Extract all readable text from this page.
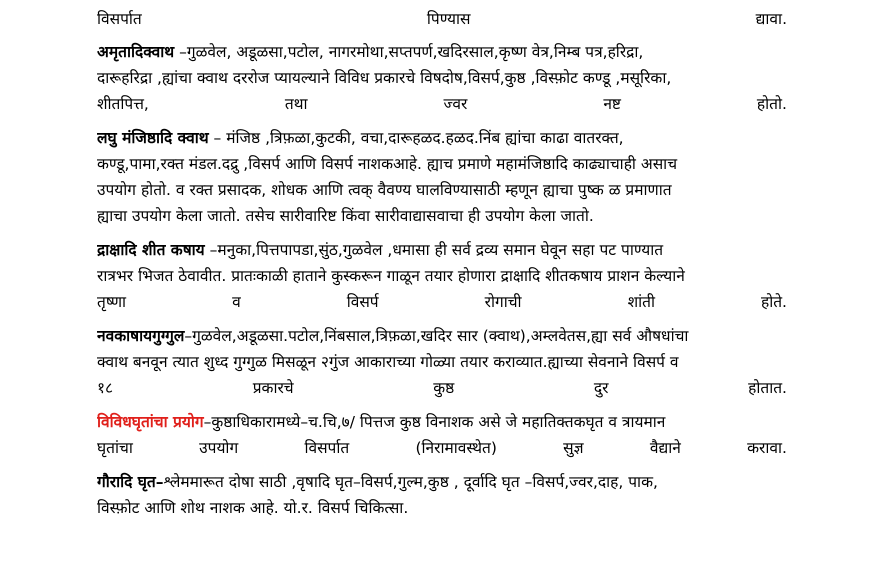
विसर्पात	पिण्यास	द्यावा.
अमृतादिक्वाथ –गुळवेल, अडूळसा,पटोल, नागरमोथा,सप्तपर्ण,खदिरसाल,कृष्ण वेत्र,निम्ब पत्र,हरिद्रा,
दारूहरिद्रा ,ह्यांचा क्वाथ दररोज प्यायल्याने विविध प्रकारचे विषदोष,विसर्प,कुष्ठ ,विस्फ़ोट कण्डू ,मसूरिका,
शीतपित्त,	तथा	ज्वर	नष्ट	होतो.
लघु मंजिष्ठादि क्वाथ – मंजिष्ठ ,त्रिफ़ळा,कुटकी, वचा,दारूहळद.हळद.निंब ह्यांचा काढा वातरक्त,
कण्डू,पामा,रक्त मंडल.दद्रु ,विसर्प आणि विसर्प नाशकआहे. ह्याच प्रमाणे महामंजिष्ठादि काढ्याचाही असाच
उपयोग होतो. व रक्त प्रसादक, शोधक आणि त्वक् वैवण्य घालविण्यासाठी म्हणून ह्याचा पुष्क ळ प्रमाणात
ह्याचा उपयोग केला जातो. तसेच सारीवारिष्ट किंवा सारीवाद्यासवाचा ही उपयोग केला जातो.
द्राक्षादि शीत कषाय –मनुका,पित्तपापडा,सुंठ,गुळवेल ,धमासा ही सर्व द्रव्य समान घेवून सहा पट पाण्यात
रात्रभर भिजत ठेवावीत. प्रातःकाळी हाताने कुस्करून गाळून तयार होणारा द्राक्षादि शीतकषाय प्राशन केल्याने
तृष्णा	व	विसर्प	रोगाची	शांती	होते.
नवकाषायगुग्गुल–गुळवेल,अडूळसा.पटोल,निंबसाल,त्रिफ़ळा,खदिर सार (क्वाथ),अम्लवेतस,ह्या सर्व औषधांचा
क्वाथ बनवून त्यात शुध्द गुग्गुळ मिसळून २गुंज आकाराच्या गोळ्या तयार कराव्यात.ह्याच्या सेवनाने विसर्प व
१८	प्रकारचे	कुष्ठ	दुर	होतात.
विविधघृतांचा प्रयोग–कुष्ठाधिकारामध्ये–च.चि,७/ पित्तज कुष्ठ विनाशक असे जे महातिक्तकघृत व त्रायमान
घृतांचा	उपयोग	विसर्पात	(निरामावस्थेत)	सुज्ञ	वैद्याने	करावा.
गौरादि घृत–श्लेममारूत दोषा साठी ,वृषादि घृत–विसर्प,गुल्म,कुष्ठ , दूर्वादि घृत –विसर्प,ज्वर,दाह, पाक,
विस्फ़ोट आणि शोथ नाशक आहे. यो.र. विसर्प चिकित्सा.
